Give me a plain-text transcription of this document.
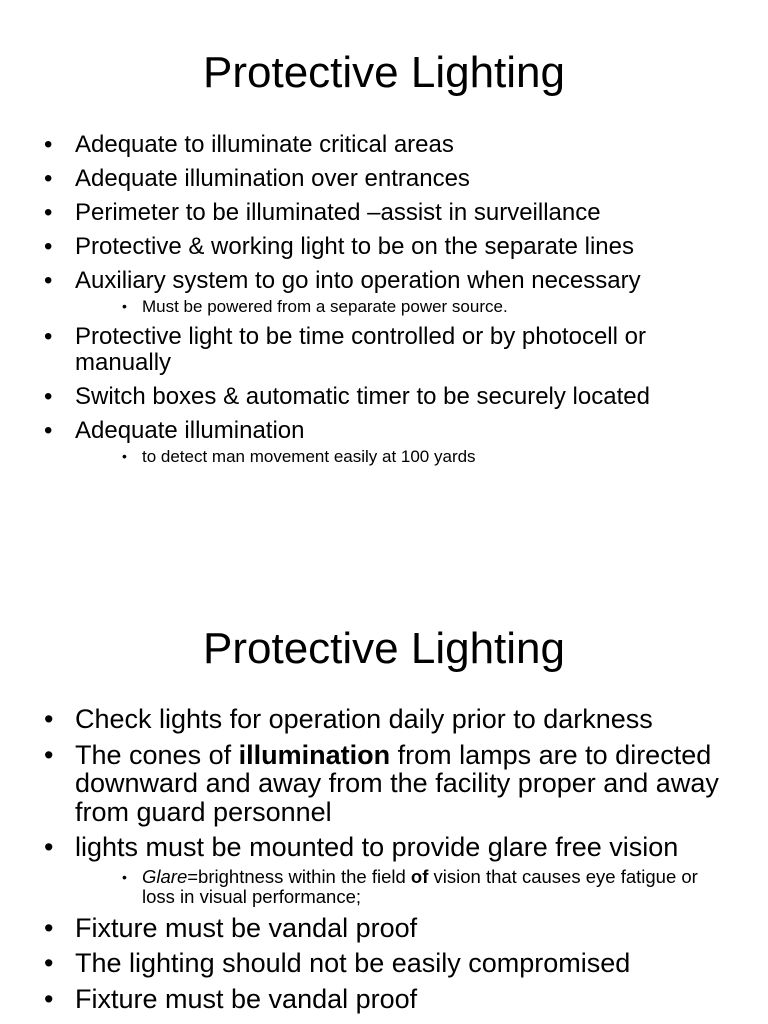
Protective Lighting
•
Adequate to illuminate critical areas
•
Adequate illumination over entrances
•
Perimeter to be illuminated –assist in surveillance
•
Protective & working light to be on the separate lines
•
Auxiliary system to go into operation when necessary
•
Must be powered from a separate power source.
•
Protective light to be time controlled or by photocell or manually
•
Switch boxes & automatic timer to be securely located
•
Adequate illumination
•
to detect man movement easily at 100 yards
Protective Lighting
•
Check lights for operation daily prior to darkness
•
The cones of illumination from lamps are to directed downward and away from the facility proper and away from guard personnel
•
lights must be mounted to provide glare free vision
•
Glare=brightness within the field of vision that causes eye fatigue or loss in visual performance;
•
Fixture must be vandal proof
•
The lighting should not be easily compromised
•
Fixture must be vandal proof
